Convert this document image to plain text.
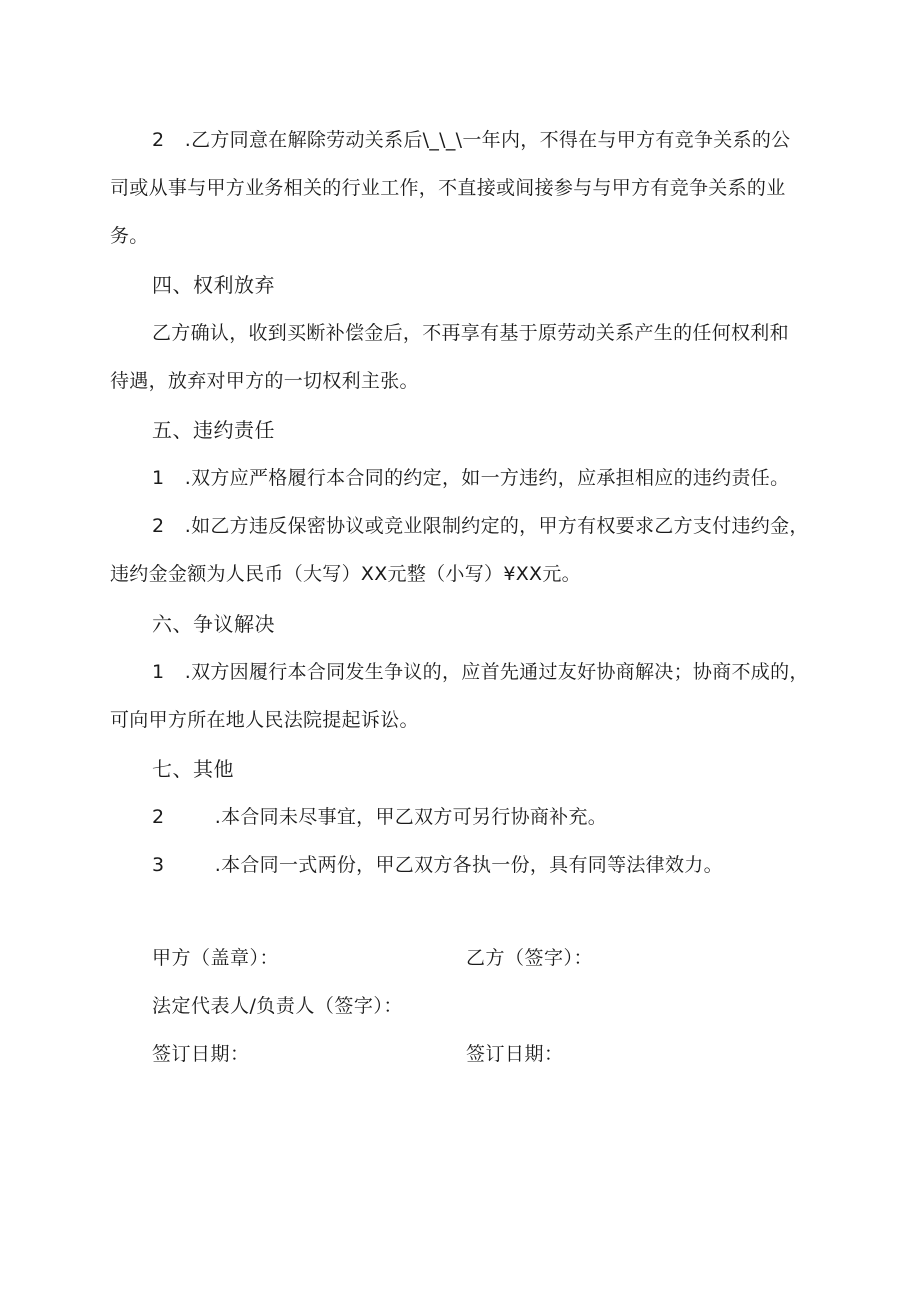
2 .乙方同意在解除劳动关系后\_\_\一年内，不得在与甲方有竞争关系的公
司或从事与甲方业务相关的行业工作，不直接或间接参与与甲方有竞争关系的业
务。
四、权利放弃
乙方确认，收到买断补偿金后，不再享有基于原劳动关系产生的任何权利和
待遇，放弃对甲方的一切权利主张。
五、违约责任
1 .双方应严格履行本合同的约定，如一方违约，应承担相应的违约责任。
2 .如乙方违反保密协议或竞业限制约定的，甲方有权要求乙方支付违约金，
违约金金额为人民币（大写）XX元整（小写）¥XX元。
六、争议解决
1 .双方因履行本合同发生争议的，应首先通过友好协商解决；协商不成的，
可向甲方所在地人民法院提起诉讼。
七、其他
2	.本合同未尽事宜，甲乙双方可另行协商补充。
3	.本合同一式两份，甲乙双方各执一份，具有同等法律效力。
甲方（盖章）：	乙方（签字）：
法定代表人/负责人（签字）：
签订日期：	签订日期：
